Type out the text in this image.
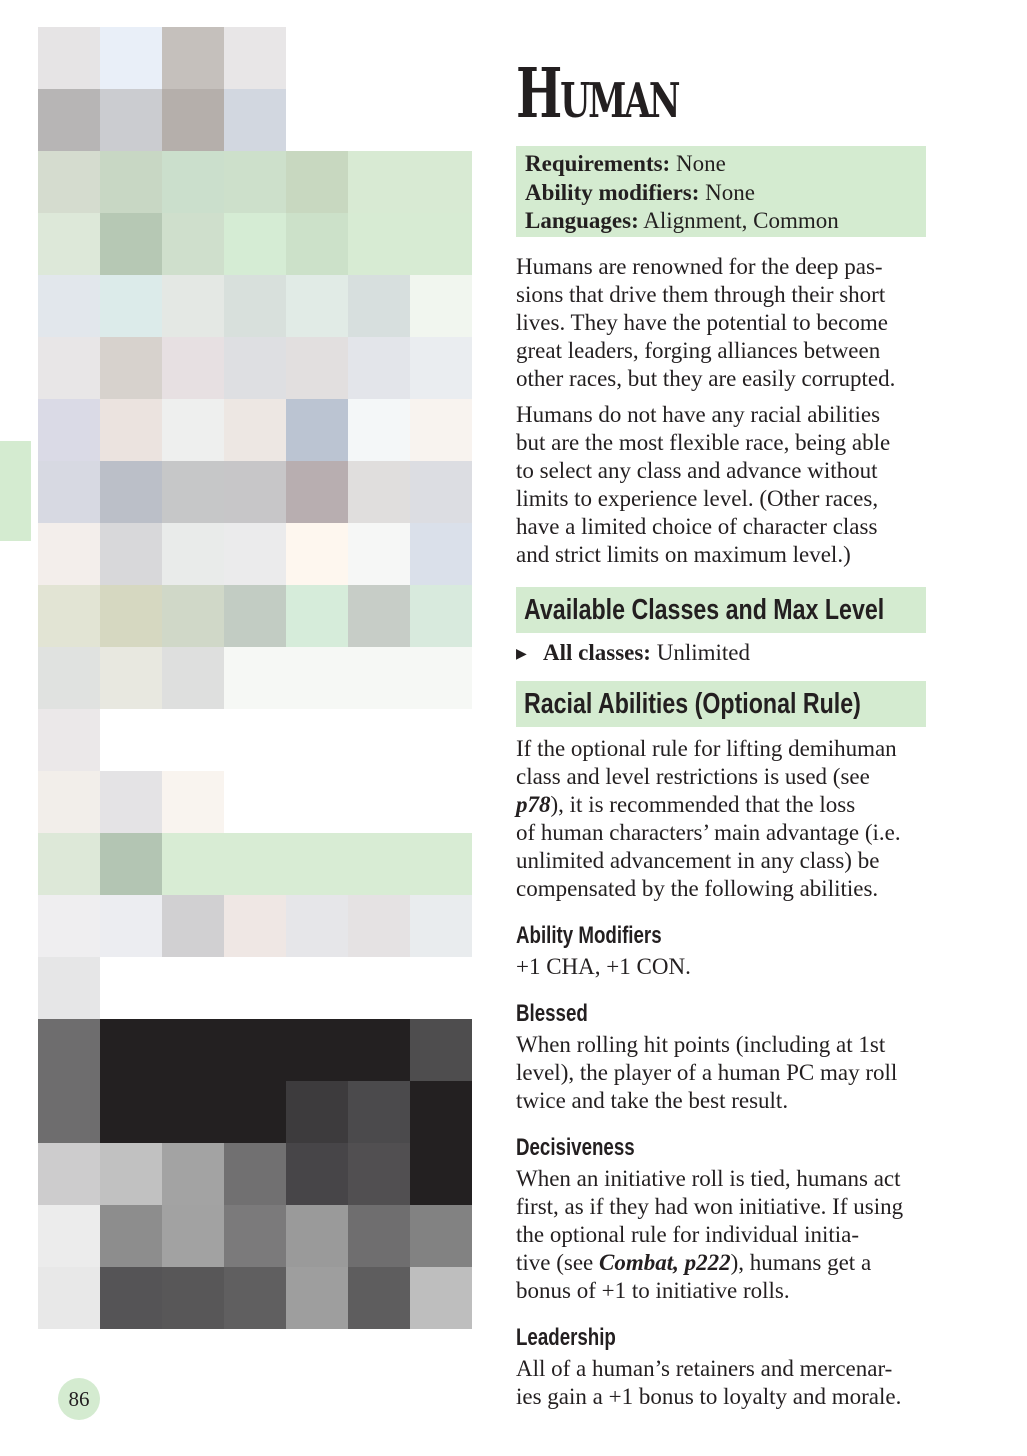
86
HUMAN
Requirements: None
Ability modifiers: None
Languages: Alignment, Common

Humans are renowned for the deep pas-
sions that drive them through their short
lives. They have the potential to become
great leaders, forging alliances between
other races, but they are easily corrupted.

Humans do not have any racial abilities
but are the most flexible race, being able
to select any class and advance without
limits to experience level. (Other races,
have a limited choice of character class
and strict limits on maximum level.)

Available Classes and Max Level
▶ All classes: Unlimited
Racial Abilities (Optional Rule)

If the optional rule for lifting demihuman
class and level restrictions is used (see
p78), it is recommended that the loss
of human characters’ main advantage (i.e.
unlimited advancement in any class) be
compensated by the following abilities.

Ability Modifiers

+1 CHA, +1 CON.

Blessed

When rolling hit points (including at 1st
level), the player of a human PC may roll
twice and take the best result.

Decisiveness

When an initiative roll is tied, humans act
first, as if they had won initiative. If using
the optional rule for individual initia-
tive (see Combat, p222), humans get a
bonus of +1 to initiative rolls.

Leadership

All of a human’s retainers and mercenar-
ies gain a +1 bonus to loyalty and morale.
